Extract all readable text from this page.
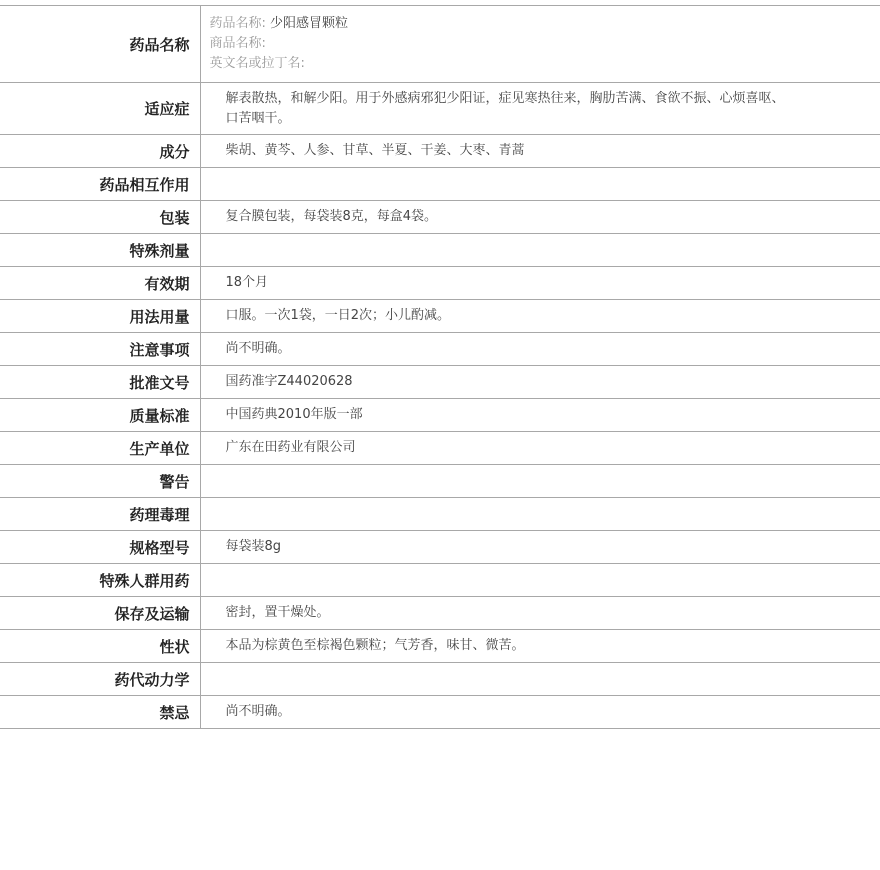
药品名称	药品名称: 少阳感冒颗粒
商品名称:
英文名或拉丁名:

适应症	解表散热，和解少阳。用于外感病邪犯少阳证，症见寒热往来，胸肋苦满、食欲不振、心烦喜呕、口苦咽干。
成分	柴胡、黄芩、人参、甘草、半夏、干姜、大枣、青蒿
药品相互作用	
包装	复合膜包装，每袋装8克，每盒4袋。
特殊剂量	
有效期	18个月
用法用量	口服。一次1袋，一日2次；小儿酌减。
注意事项	尚不明确。
批准文号	国药准字Z44020628
质量标准	中国药典2010年版一部
生产单位	广东在田药业有限公司
警告	
药理毒理	
规格型号	每袋装8g
特殊人群用药	
保存及运输	密封，置干燥处。
性状	本品为棕黄色至棕褐色颗粒；气芳香，味甘、微苦。
药代动力学	
禁忌	尚不明确。
